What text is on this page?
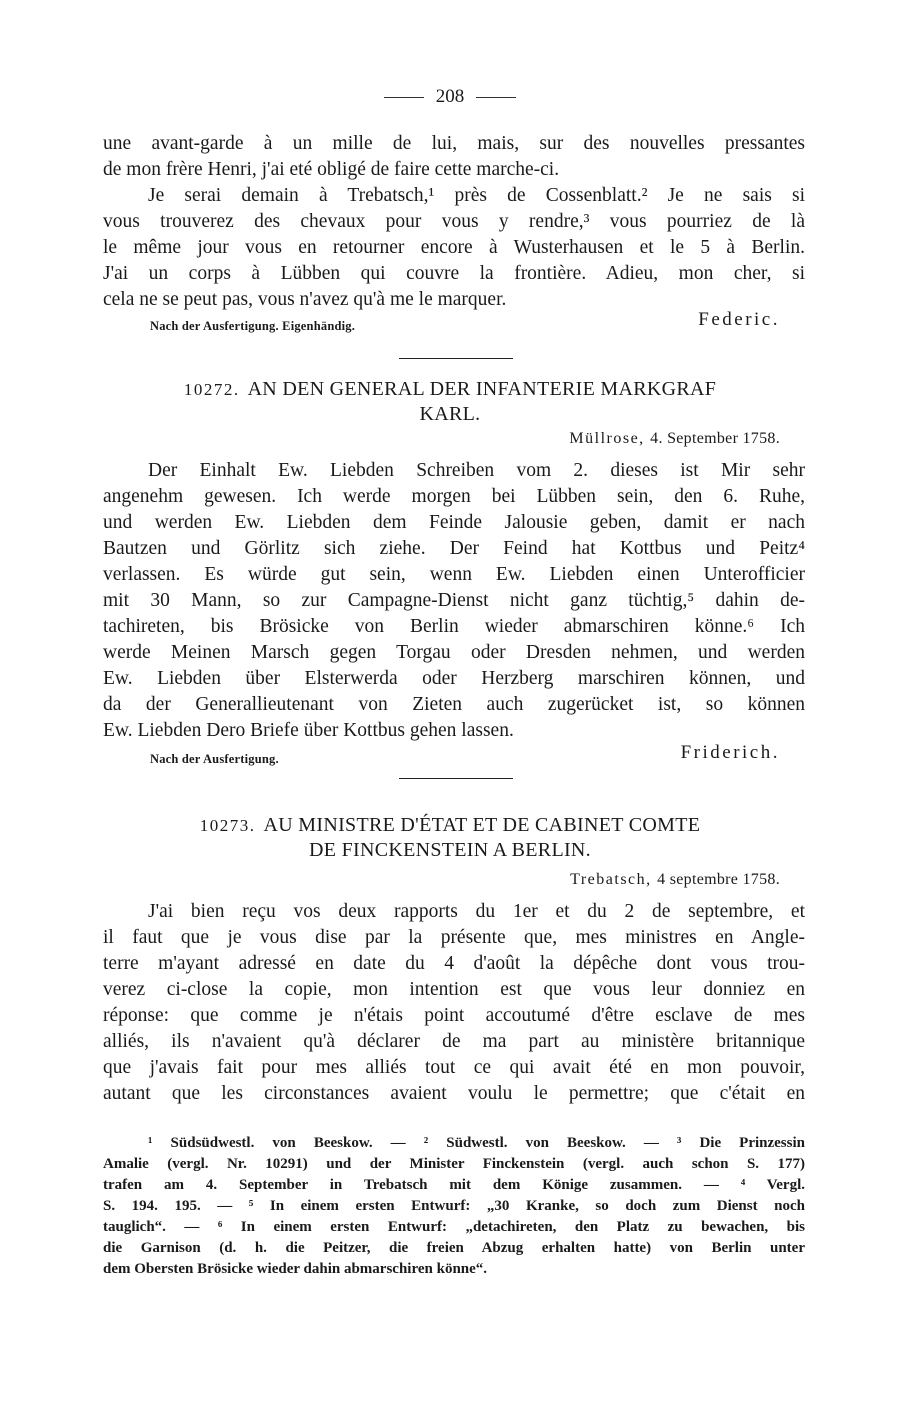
208
une avant-garde à un mille de lui, mais, sur des nouvelles pressantes
de mon frère Henri, j'ai eté obligé de faire cette marche-ci.
Je serai demain à Trebatsch,¹ près de Cossenblatt.² Je ne sais si
vous trouverez des chevaux pour vous y rendre,³ vous pourriez de là
le même jour vous en retourner encore à Wusterhausen et le 5 à Berlin.
J'ai un corps à Lübben qui couvre la frontière. Adieu, mon cher, si
cela ne se peut pas, vous n'avez qu'à me le marquer.
Nach der Ausfertigung. Eigenhändig.	Federic.
10272. AN DEN GENERAL DER INFANTERIE MARKGRAF
KARL.
Müllrose, 4. September 1758.
Der Einhalt Ew. Liebden Schreiben vom 2. dieses ist Mir sehr
angenehm gewesen. Ich werde morgen bei Lübben sein, den 6. Ruhe,
und werden Ew. Liebden dem Feinde Jalousie geben, damit er nach
Bautzen und Görlitz sich ziehe. Der Feind hat Kottbus und Peitz⁴
verlassen. Es würde gut sein, wenn Ew. Liebden einen Unterofficier
mit 30 Mann, so zur Campagne-Dienst nicht ganz tüchtig,⁵ dahin de-
tachireten, bis Brösicke von Berlin wieder abmarschiren könne.⁶ Ich
werde Meinen Marsch gegen Torgau oder Dresden nehmen, und werden
Ew. Liebden über Elsterwerda oder Herzberg marschiren können, und
da der Generallieutenant von Zieten auch zugerücket ist, so können
Ew. Liebden Dero Briefe über Kottbus gehen lassen.
Nach der Ausfertigung.	Friderich.
10273. AU MINISTRE D'ÉTAT ET DE CABINET COMTE
DE FINCKENSTEIN A BERLIN.
Trebatsch, 4 septembre 1758.
J'ai bien reçu vos deux rapports du 1er et du 2 de septembre, et
il faut que je vous dise par la présente que, mes ministres en Angle-
terre m'ayant adressé en date du 4 d'août la dépêche dont vous trou-
verez ci-close la copie, mon intention est que vous leur donniez en
réponse: que comme je n'étais point accoutumé d'être esclave de mes
alliés, ils n'avaient qu'à déclarer de ma part au ministère britannique
que j'avais fait pour mes alliés tout ce qui avait été en mon pouvoir,
autant que les circonstances avaient voulu le permettre; que c'était en
¹ Südsüdwestl. von Beeskow. — ² Südwestl. von Beeskow. — ³ Die Prinzessin
Amalie (vergl. Nr. 10291) und der Minister Finckenstein (vergl. auch schon S. 177)
trafen am 4. September in Trebatsch mit dem Könige zusammen. — ⁴ Vergl.
S. 194. 195. — ⁵ In einem ersten Entwurf: „30 Kranke, so doch zum Dienst noch
tauglich“. — ⁶ In einem ersten Entwurf: „detachireten, den Platz zu bewachen, bis
die Garnison (d. h. die Peitzer, die freien Abzug erhalten hatte) von Berlin unter
dem Obersten Brösicke wieder dahin abmarschiren könne“.
